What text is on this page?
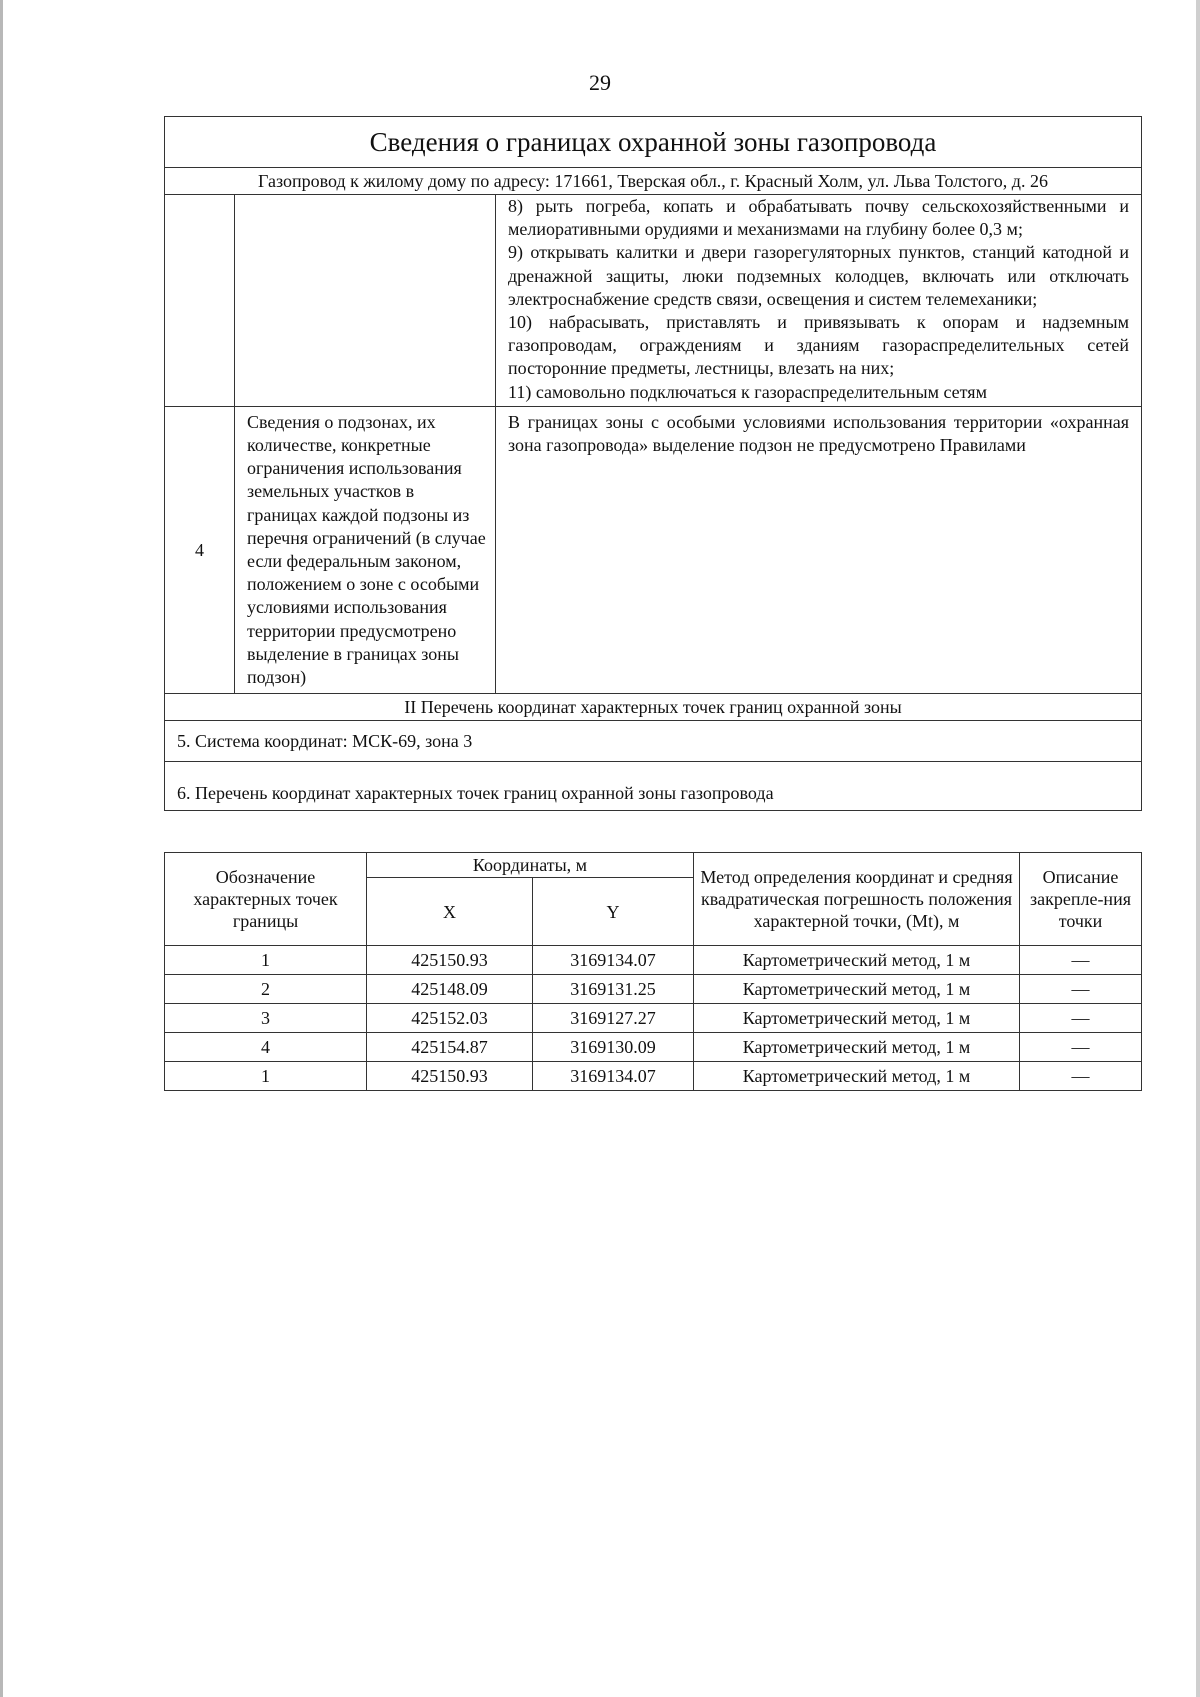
29
Сведения о границах охранной зоны газопровода		
Газопровод к жилому дому по адресу: 171661, Тверская обл., г. Красный Холм, ул. Льва Толстого, д. 26		

		8) рыть погреба, копать и обрабатывать почву сельскохозяйственными и мелиоративными орудиями и механизмами на глубину более 0,3 м;

9) открывать калитки и двери газорегуляторных пунктов, станций катодной и дренажной защиты, люки подземных колодцев, включать или отключать электроснабжение средств связи, освещения и систем телемеханики;

10) набрасывать, приставлять и привязывать к опорам и надземным газопроводам, ограждениям и зданиям газораспределительных сетей посторонние предметы, лестницы, влезать на них;

11) самовольно подключаться к газораспределительным сетям

4	Сведения о подзонах, их количестве, конкретные ограничения использования земельных участков в границах каждой подзоны из перечня ограничений (в случае если федеральным законом, положением о зоне с особыми условиями использования территории предусмотрено выделение в границах зоны подзон)	В границах зоны с особыми условиями использования территории «охранная зона газопровода» выделение подзон не предусмотрено Правилами
II Перечень координат характерных точек границ охранной зоны		
5. Система координат: МСК-69, зона 3		
6. Перечень координат характерных точек границ охранной зоны газопровода		
Обозначение характерных точек границы	Координаты, м		Метод определения координат и средняя квадратическая погрешность положения характерной точки, (Mt), м	Описание закрепле-ния точки
	X	Y		
1	425150.93	3169134.07	Картометрический метод, 1 м	—
2	425148.09	3169131.25	Картометрический метод, 1 м	—
3	425152.03	3169127.27	Картометрический метод, 1 м	—
4	425154.87	3169130.09	Картометрический метод, 1 м	—
1	425150.93	3169134.07	Картометрический метод, 1 м	—
